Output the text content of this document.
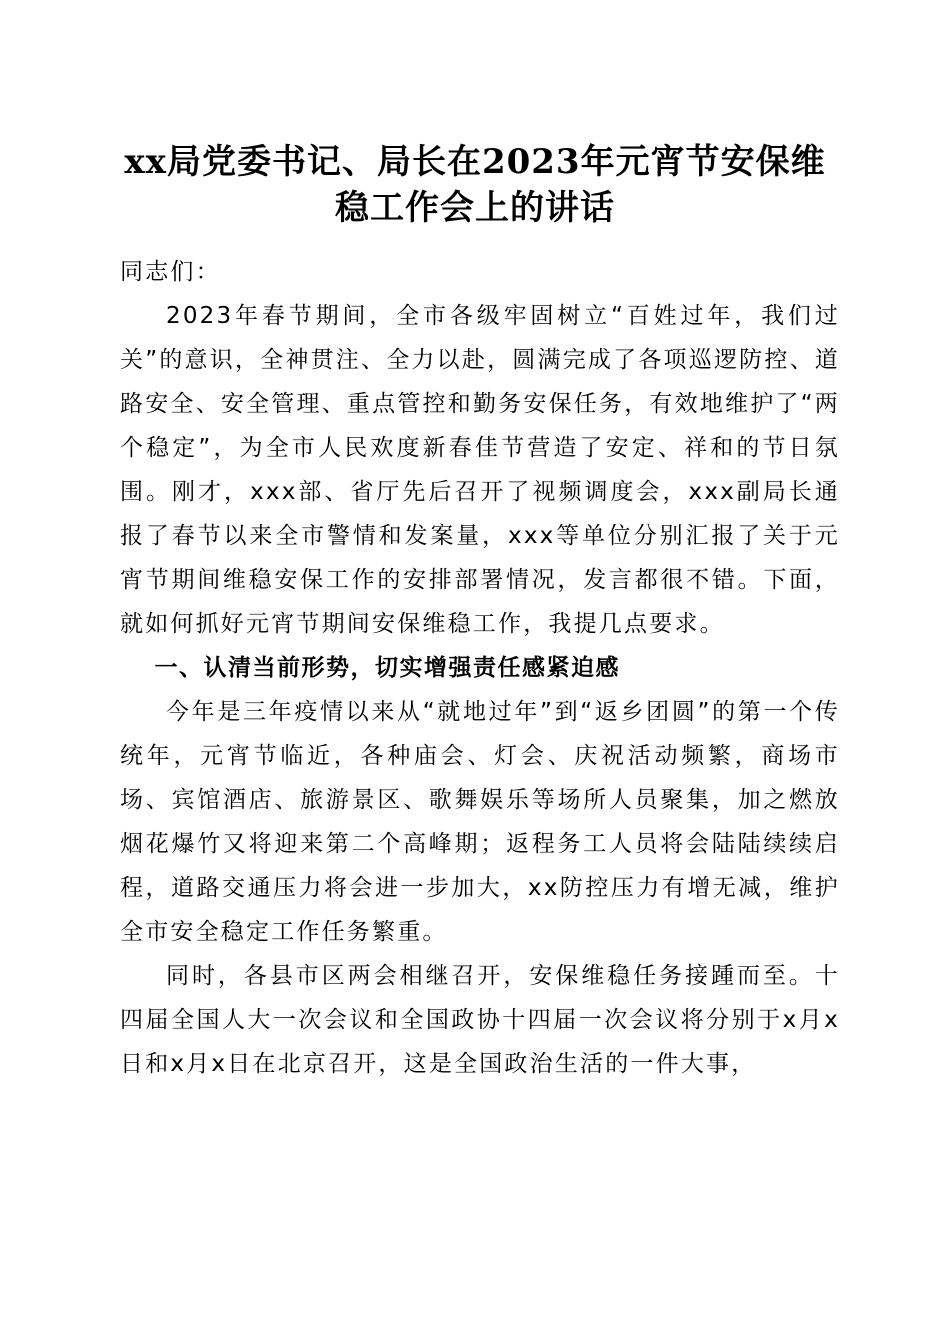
xx局党委书记、局长在2023年元宵节安保维
稳工作会上的讲话

同志们：

2023年春节期间，全市各级牢固树立“百姓过年，我们过关”的意识，全神贯注、全力以赴，圆满完成了各项巡逻防控、道路安全、安全管理、重点管控和勤务安保任务，有效地维护了“两个稳定”，为全市人民欢度新春佳节营造了安定、祥和的节日氛围。刚才，xxx部、省厅先后召开了视频调度会，xxx副局长通报了春节以来全市警情和发案量，xxx等单位分别汇报了关于元宵节期间维稳安保工作的安排部署情况，发言都很不错。下面，就如何抓好元宵节期间安保维稳工作，我提几点要求。

一、认清当前形势，切实增强责任感紧迫感

今年是三年疫情以来从“就地过年”到“返乡团圆”的第一个传统年，元宵节临近，各种庙会、灯会、庆祝活动频繁，商场市场、宾馆酒店、旅游景区、歌舞娱乐等场所人员聚集，加之燃放烟花爆竹又将迎来第二个高峰期；返程务工人员将会陆陆续续启程，道路交通压力将会进一步加大，xx防控压力有增无减，维护全市安全稳定工作任务繁重。

同时，各县市区两会相继召开，安保维稳任务接踵而至。十四届全国人大一次会议和全国政协十四届一次会议将分别于x月x日和x月x日在北京召开，这是全国政治生活的一件大事，
